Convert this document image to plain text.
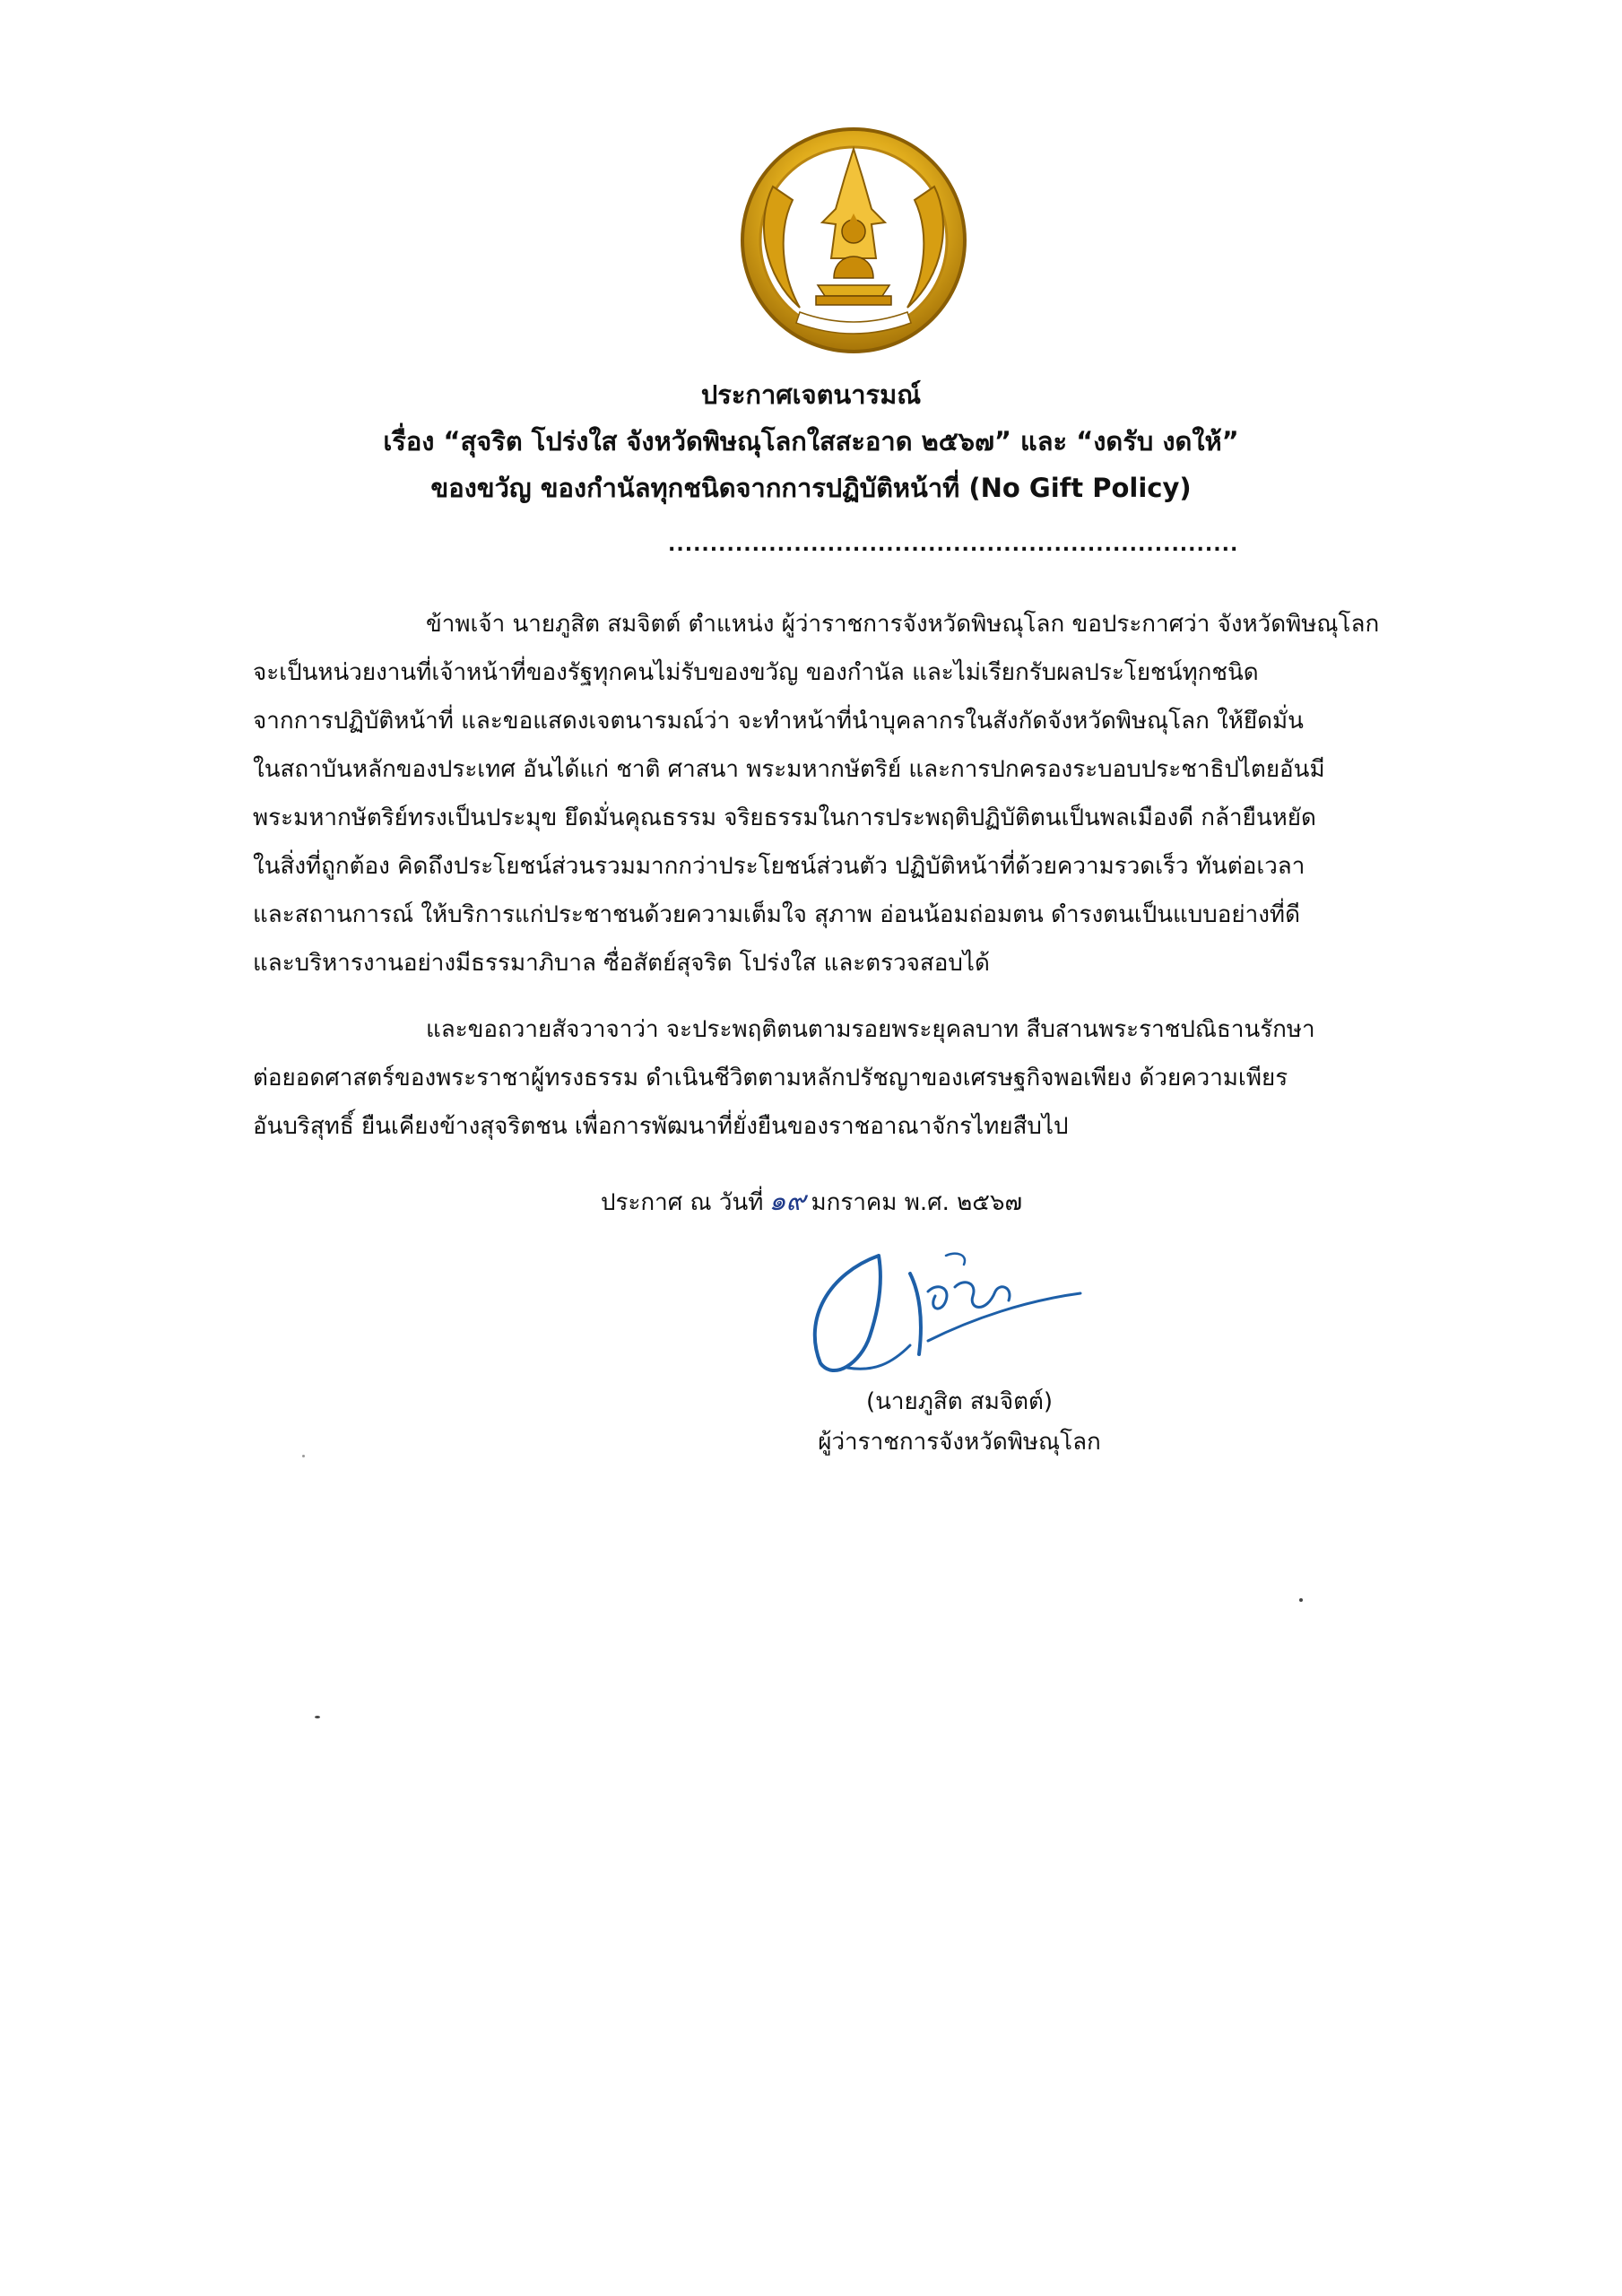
ประกาศเจตนารมณ์
เรื่อง “สุจริต โปร่งใส จังหวัดพิษณุโลกใสสะอาด ๒๕๖๗” และ “งดรับ งดให้”
ของขวัญ ของกำนัลทุกชนิดจากการปฏิบัติหน้าที่ (No Gift Policy)
....................................................................
ข้าพเจ้า นายภูสิต สมจิตต์ ตำแหน่ง ผู้ว่าราชการจังหวัดพิษณุโลก ขอประกาศว่า จังหวัดพิษณุโลก
จะเป็นหน่วยงานที่เจ้าหน้าที่ของรัฐทุกคนไม่รับของขวัญ ของกำนัล และไม่เรียกรับผลประโยชน์ทุกชนิด
จากการปฏิบัติหน้าที่ และขอแสดงเจตนารมณ์ว่า จะทำหน้าที่นำบุคลากรในสังกัดจังหวัดพิษณุโลก ให้ยึดมั่น
ในสถาบันหลักของประเทศ อันได้แก่ ชาติ ศาสนา พระมหากษัตริย์ และการปกครองระบอบประชาธิปไตยอันมี
พระมหากษัตริย์ทรงเป็นประมุข ยึดมั่นคุณธรรม จริยธรรมในการประพฤติปฏิบัติตนเป็นพลเมืองดี กล้ายืนหยัด
ในสิ่งที่ถูกต้อง คิดถึงประโยชน์ส่วนรวมมากกว่าประโยชน์ส่วนตัว ปฏิบัติหน้าที่ด้วยความรวดเร็ว ทันต่อเวลา
และสถานการณ์ ให้บริการแก่ประชาชนด้วยความเต็มใจ สุภาพ อ่อนน้อมถ่อมตน ดำรงตนเป็นแบบอย่างที่ดี
และบริหารงานอย่างมีธรรมาภิบาล ซื่อสัตย์สุจริต โปร่งใส และตรวจสอบได้
และขอถวายสัจวาจาว่า จะประพฤติตนตามรอยพระยุคลบาท สืบสานพระราชปณิธานรักษา
ต่อยอดศาสตร์ของพระราชาผู้ทรงธรรม ดำเนินชีวิตตามหลักปรัชญาของเศรษฐกิจพอเพียง ด้วยความเพียร
อันบริสุทธิ์ ยืนเคียงข้างสุจริตชน เพื่อการพัฒนาที่ยั่งยืนของราชอาณาจักรไทยสืบไป
ประกาศ ณ วันที่ ๑๙ มกราคม พ.ศ. ๒๕๖๗
(นายภูสิต สมจิตต์)
ผู้ว่าราชการจังหวัดพิษณุโลก
